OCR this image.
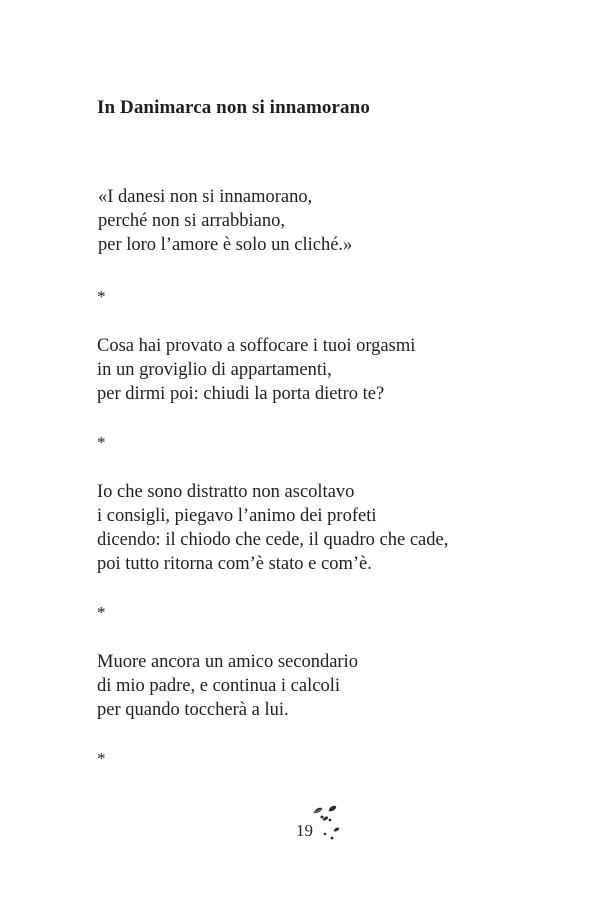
In Danimarca non si innamorano
«I danesi non si innamorano,
perché non si arrabbiano,
per loro l’amore è solo un cliché.»
*
Cosa hai provato a soffocare i tuoi orgasmi
in un groviglio di appartamenti,
per dirmi poi: chiudi la porta dietro te?
*
Io che sono distratto non ascoltavo
i consigli, piegavo l’animo dei profeti
dicendo: il chiodo che cede, il quadro che cade,
poi tutto ritorna com’è stato e com’è.
*
Muore ancora un amico secondario
di mio padre, e continua i calcoli
per quando toccherà a lui.
*
19
